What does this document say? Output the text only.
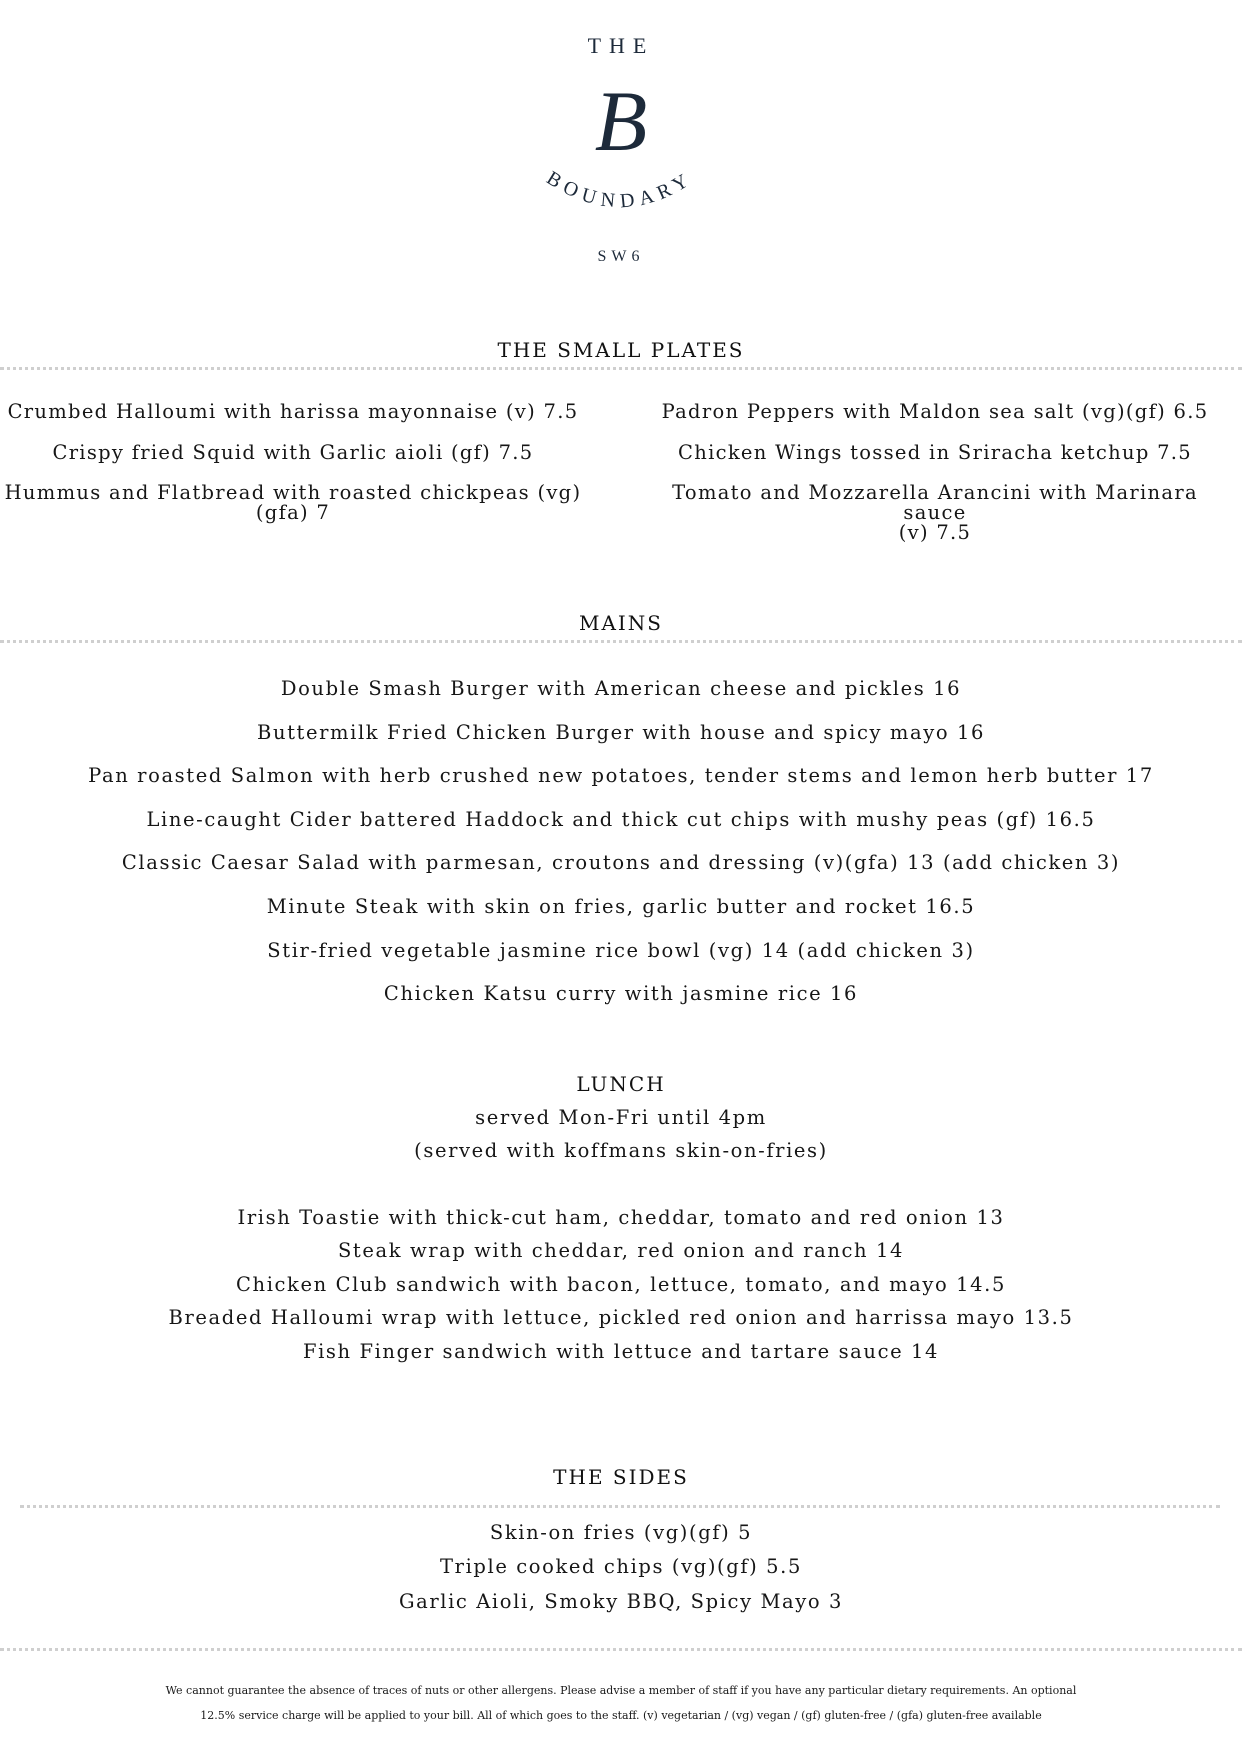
THE
B
BOUNDARY
SW6
THE SMALL PLATES
Crumbed Halloumi with harissa mayonnaise (v) 7.5
Crispy fried Squid with Garlic aioli (gf) 7.5
Hummus and Flatbread with roasted chickpeas (vg)
(gfa) 7
Padron Peppers with Maldon sea salt (vg)(gf) 6.5
Chicken Wings tossed in Sriracha ketchup 7.5
Tomato and Mozzarella Arancini with Marinara sauce
(v) 7.5
MAINS
Double Smash Burger with American cheese and pickles 16
Buttermilk Fried Chicken Burger with house and spicy mayo 16
Pan roasted Salmon with herb crushed new potatoes, tender stems and lemon herb butter 17
Line-caught Cider battered Haddock and thick cut chips with mushy peas (gf) 16.5
Classic Caesar Salad with parmesan, croutons and dressing (v)(gfa) 13 (add chicken 3)
Minute Steak with skin on fries, garlic butter and rocket 16.5
Stir-fried vegetable jasmine rice bowl (vg) 14 (add chicken 3)
Chicken Katsu curry with jasmine rice 16
LUNCH
served Mon-Fri until 4pm
(served with koffmans skin-on-fries)
Irish Toastie with thick-cut ham, cheddar, tomato and red onion 13
Steak wrap with cheddar, red onion and ranch 14
Chicken Club sandwich with bacon, lettuce, tomato, and mayo 14.5
Breaded Halloumi wrap with lettuce, pickled red onion and harrissa mayo 13.5
Fish Finger sandwich with lettuce and tartare sauce 14
THE SIDES
Skin-on fries (vg)(gf) 5
Triple cooked chips (vg)(gf) 5.5
Garlic Aioli, Smoky BBQ, Spicy Mayo 3
We cannot guarantee the absence of traces of nuts or other allergens. Please advise a member of staff if you have any particular dietary requirements. An optional
12.5% service charge will be applied to your bill. All of which goes to the staff. (v) vegetarian / (vg) vegan / (gf) gluten-free / (gfa) gluten-free available
